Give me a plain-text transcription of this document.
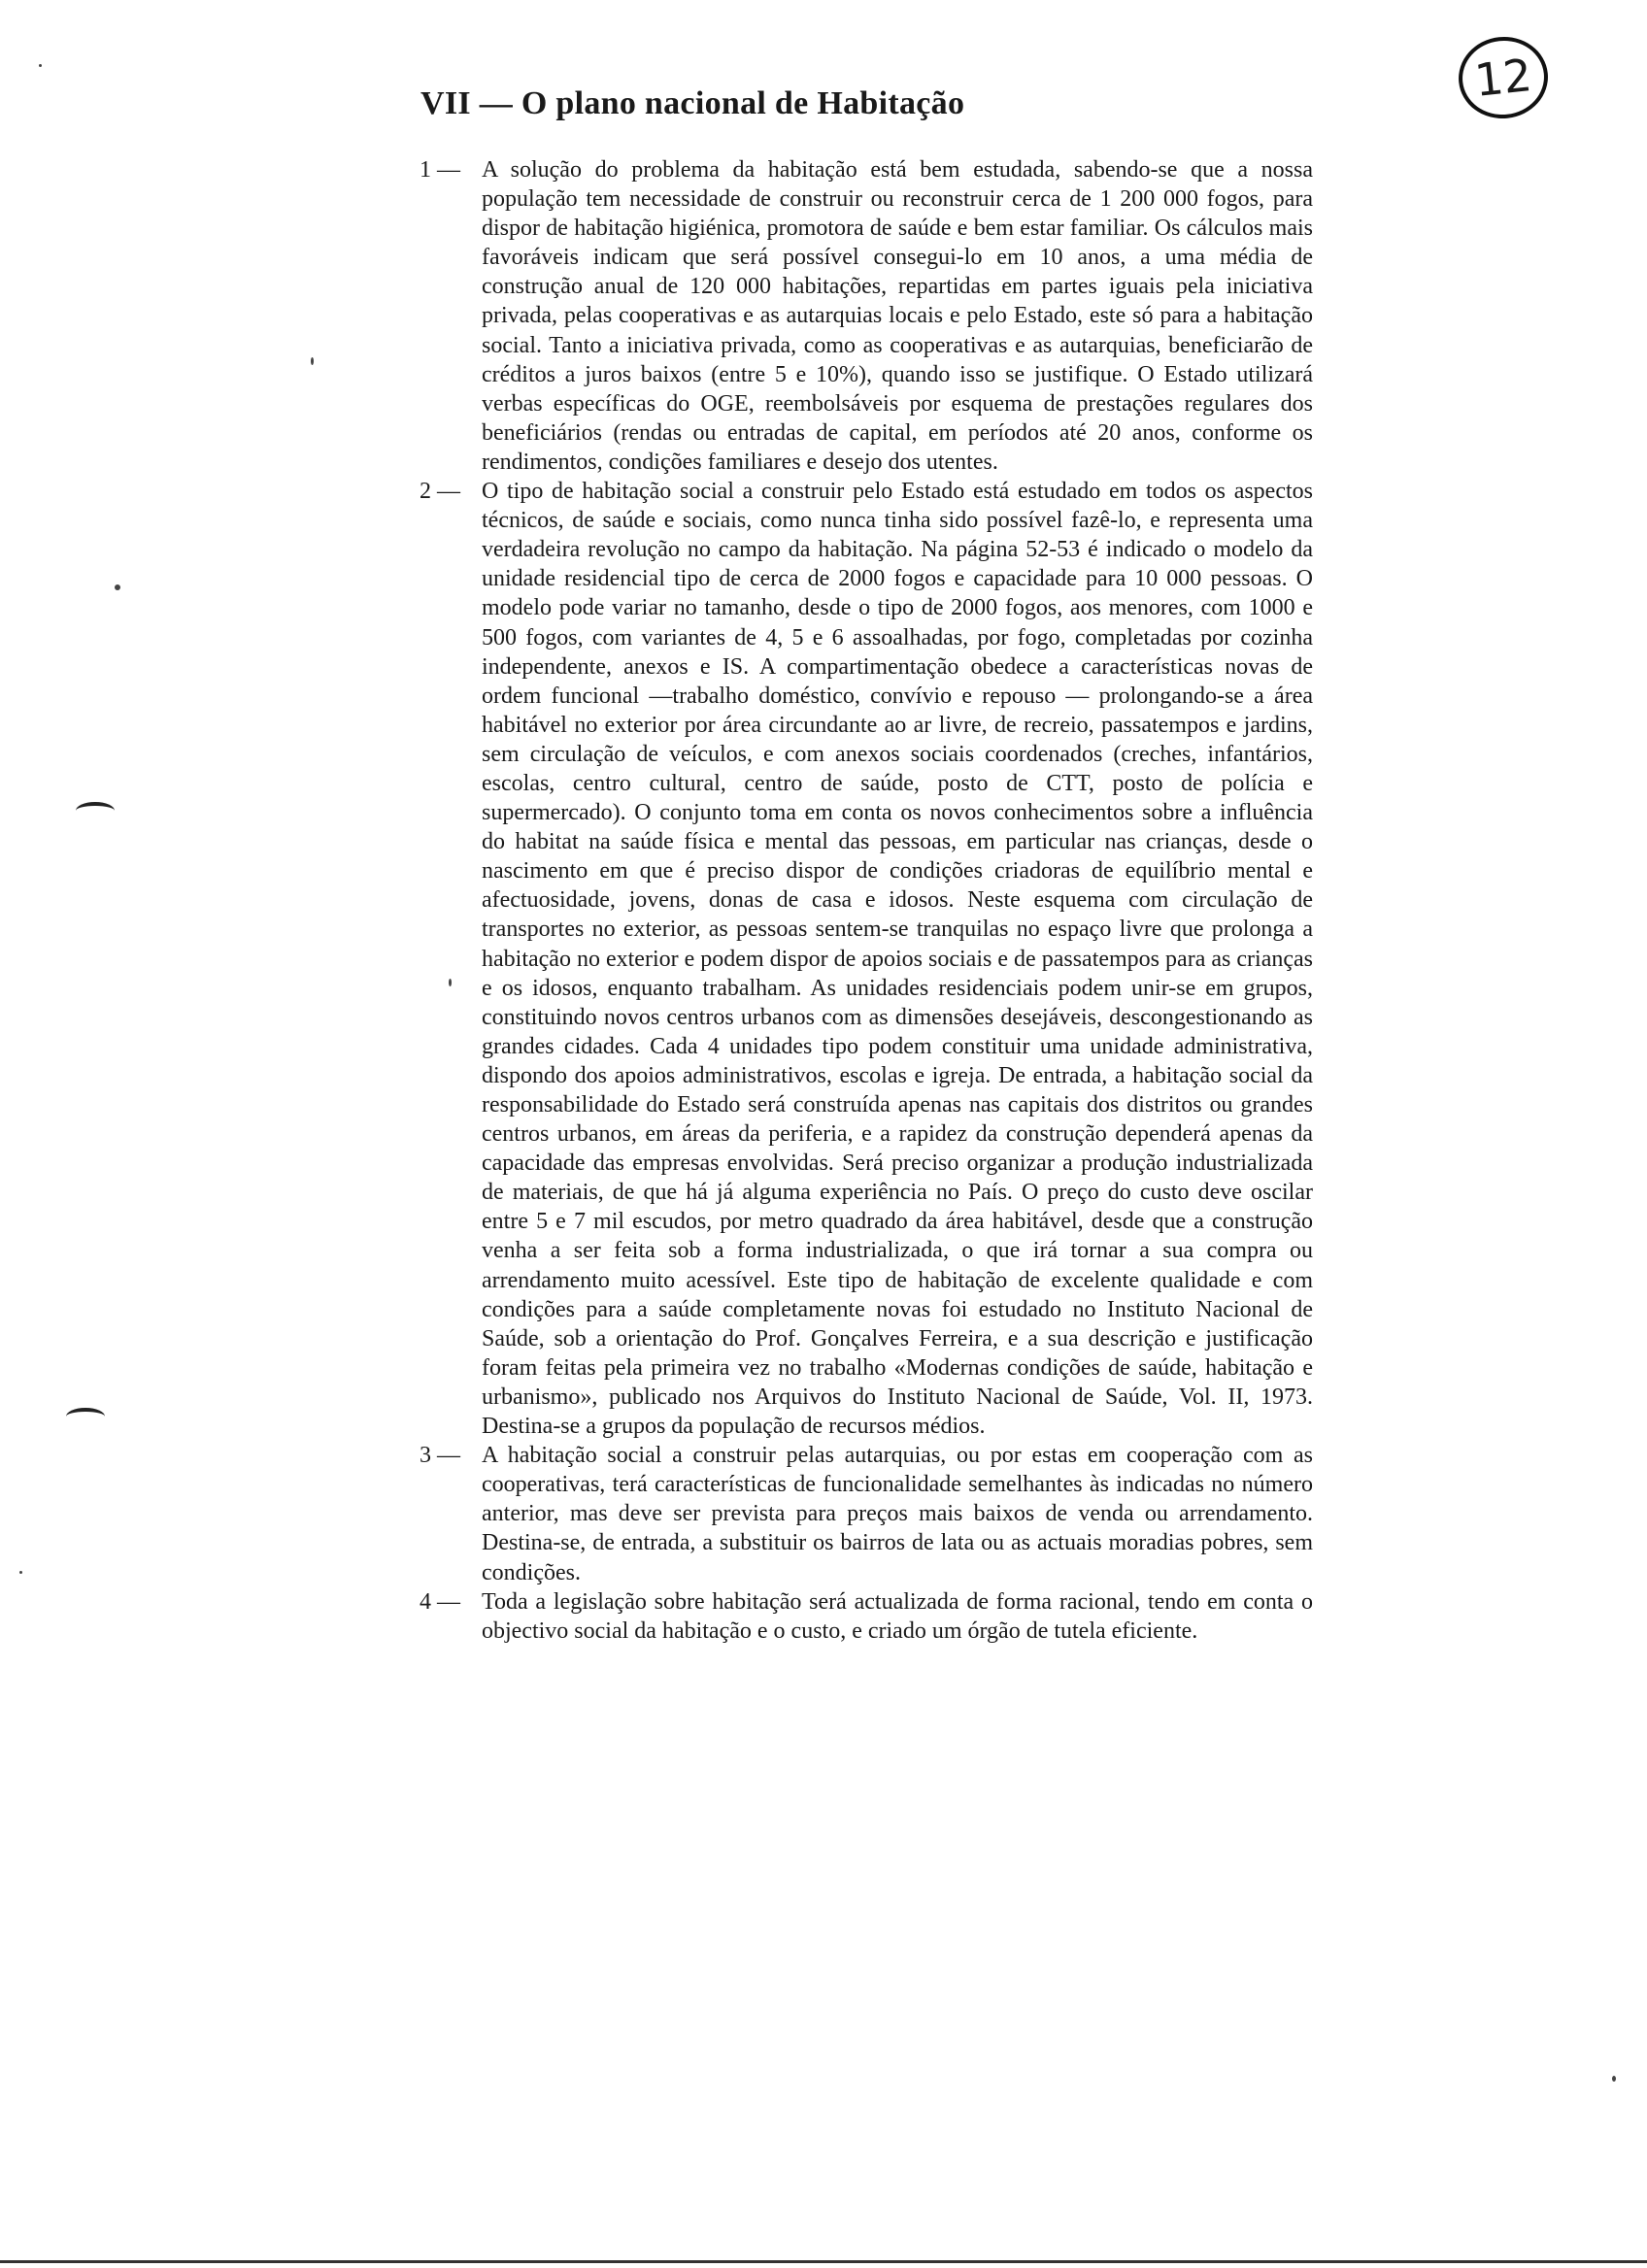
VII — O plano nacional de Habitação	12
1 — A solução do problema da habitação está bem estudada, sabendo-se que a nossa população tem necessidade de construir ou reconstruir cerca de 1 200 000 fogos, para dispor de habitação higiénica, promotora de saúde e bem estar familiar. Os cálculos mais favoráveis indicam que será possível consegui-lo em 10 anos, a uma média de construção anual de 120 000 habitações, repartidas em partes iguais pela iniciativa privada, pelas cooperativas e as autarquias locais e pelo Estado, este só para a habitação social. Tanto a iniciativa privada, como as cooperativas e as autarquias, beneficiarão de créditos a juros baixos (entre 5 e 10%), quando isso se justifique. O Estado utilizará verbas específicas do OGE, reembolsáveis por esquema de prestações regulares dos beneficiários (rendas ou entradas de capital, em períodos até 20 anos, conforme os rendimentos, condições familiares e desejo dos utentes.
2 — O tipo de habitação social a construir pelo Estado está estudado em todos os aspectos técnicos, de saúde e sociais, como nunca tinha sido possível fazê-lo, e representa uma verdadeira revolução no campo da habitação. Na página 52-53 é indicado o modelo da unidade residencial tipo de cerca de 2000 fogos e capacidade para 10 000 pessoas. O modelo pode variar no tamanho, desde o tipo de 2000 fogos, aos menores, com 1000 e 500 fogos, com variantes de 4, 5 e 6 assoalhadas, por fogo, completadas por cozinha independente, anexos e IS. A compartimentação obedece a características novas de ordem funcional —trabalho doméstico, convívio e repouso — prolongando-se a área habitável no exterior por área circundante ao ar livre, de recreio, passatempos e jardins, sem circulação de veículos, e com anexos sociais coordenados (creches, infantários, escolas, centro cultural, centro de saúde, posto de CTT, posto de polícia e supermercado). O conjunto toma em conta os novos conhecimentos sobre a influência do habitat na saúde física e mental das pessoas, em particular nas crianças, desde o nascimento em que é preciso dispor de condições criadoras de equilíbrio mental e afectuosidade, jovens, donas de casa e idosos. Neste esquema com circulação de transportes no exterior, as pessoas sentem-se tranquilas no espaço livre que prolonga a habitação no exterior e podem dispor de apoios sociais e de passatempos para as crianças e os idosos, enquanto trabalham. As unidades residenciais podem unir-se em grupos, constituindo novos centros urbanos com as dimensões desejáveis, descongestionando as grandes cidades. Cada 4 unidades tipo podem constituir uma unidade administrativa, dispondo dos apoios administrativos, escolas e igreja. De entrada, a habitação social da responsabilidade do Estado será construída apenas nas capitais dos distritos ou grandes centros urbanos, em áreas da periferia, e a rapidez da construção dependerá apenas da capacidade das empresas envolvidas. Será preciso organizar a produção industrializada de materiais, de que há já alguma experiência no País. O preço do custo deve oscilar entre 5 e 7 mil escudos, por metro quadrado da área habitável, desde que a construção venha a ser feita sob a forma industrializada, o que irá tornar a sua compra ou arrendamento muito acessível. Este tipo de habitação de excelente qualidade e com condições para a saúde completamente novas foi estudado no Instituto Nacional de Saúde, sob a orientação do Prof. Gonçalves Ferreira, e a sua descrição e justificação foram feitas pela primeira vez no trabalho «Modernas condições de saúde, habitação e urbanismo», publicado nos Arquivos do Instituto Nacional de Saúde, Vol. II, 1973. Destina-se a grupos da população de recursos médios.
3 — A habitação social a construir pelas autarquias, ou por estas em cooperação com as cooperativas, terá características de funcionalidade semelhantes às indicadas no número anterior, mas deve ser prevista para preços mais baixos de venda ou arrendamento. Destina-se, de entrada, a substituir os bairros de lata ou as actuais moradias pobres, sem condições.
4 — Toda a legislação sobre habitação será actualizada de forma racional, tendo em conta o objectivo social da habitação e o custo, e criado um órgão de tutela eficiente.
